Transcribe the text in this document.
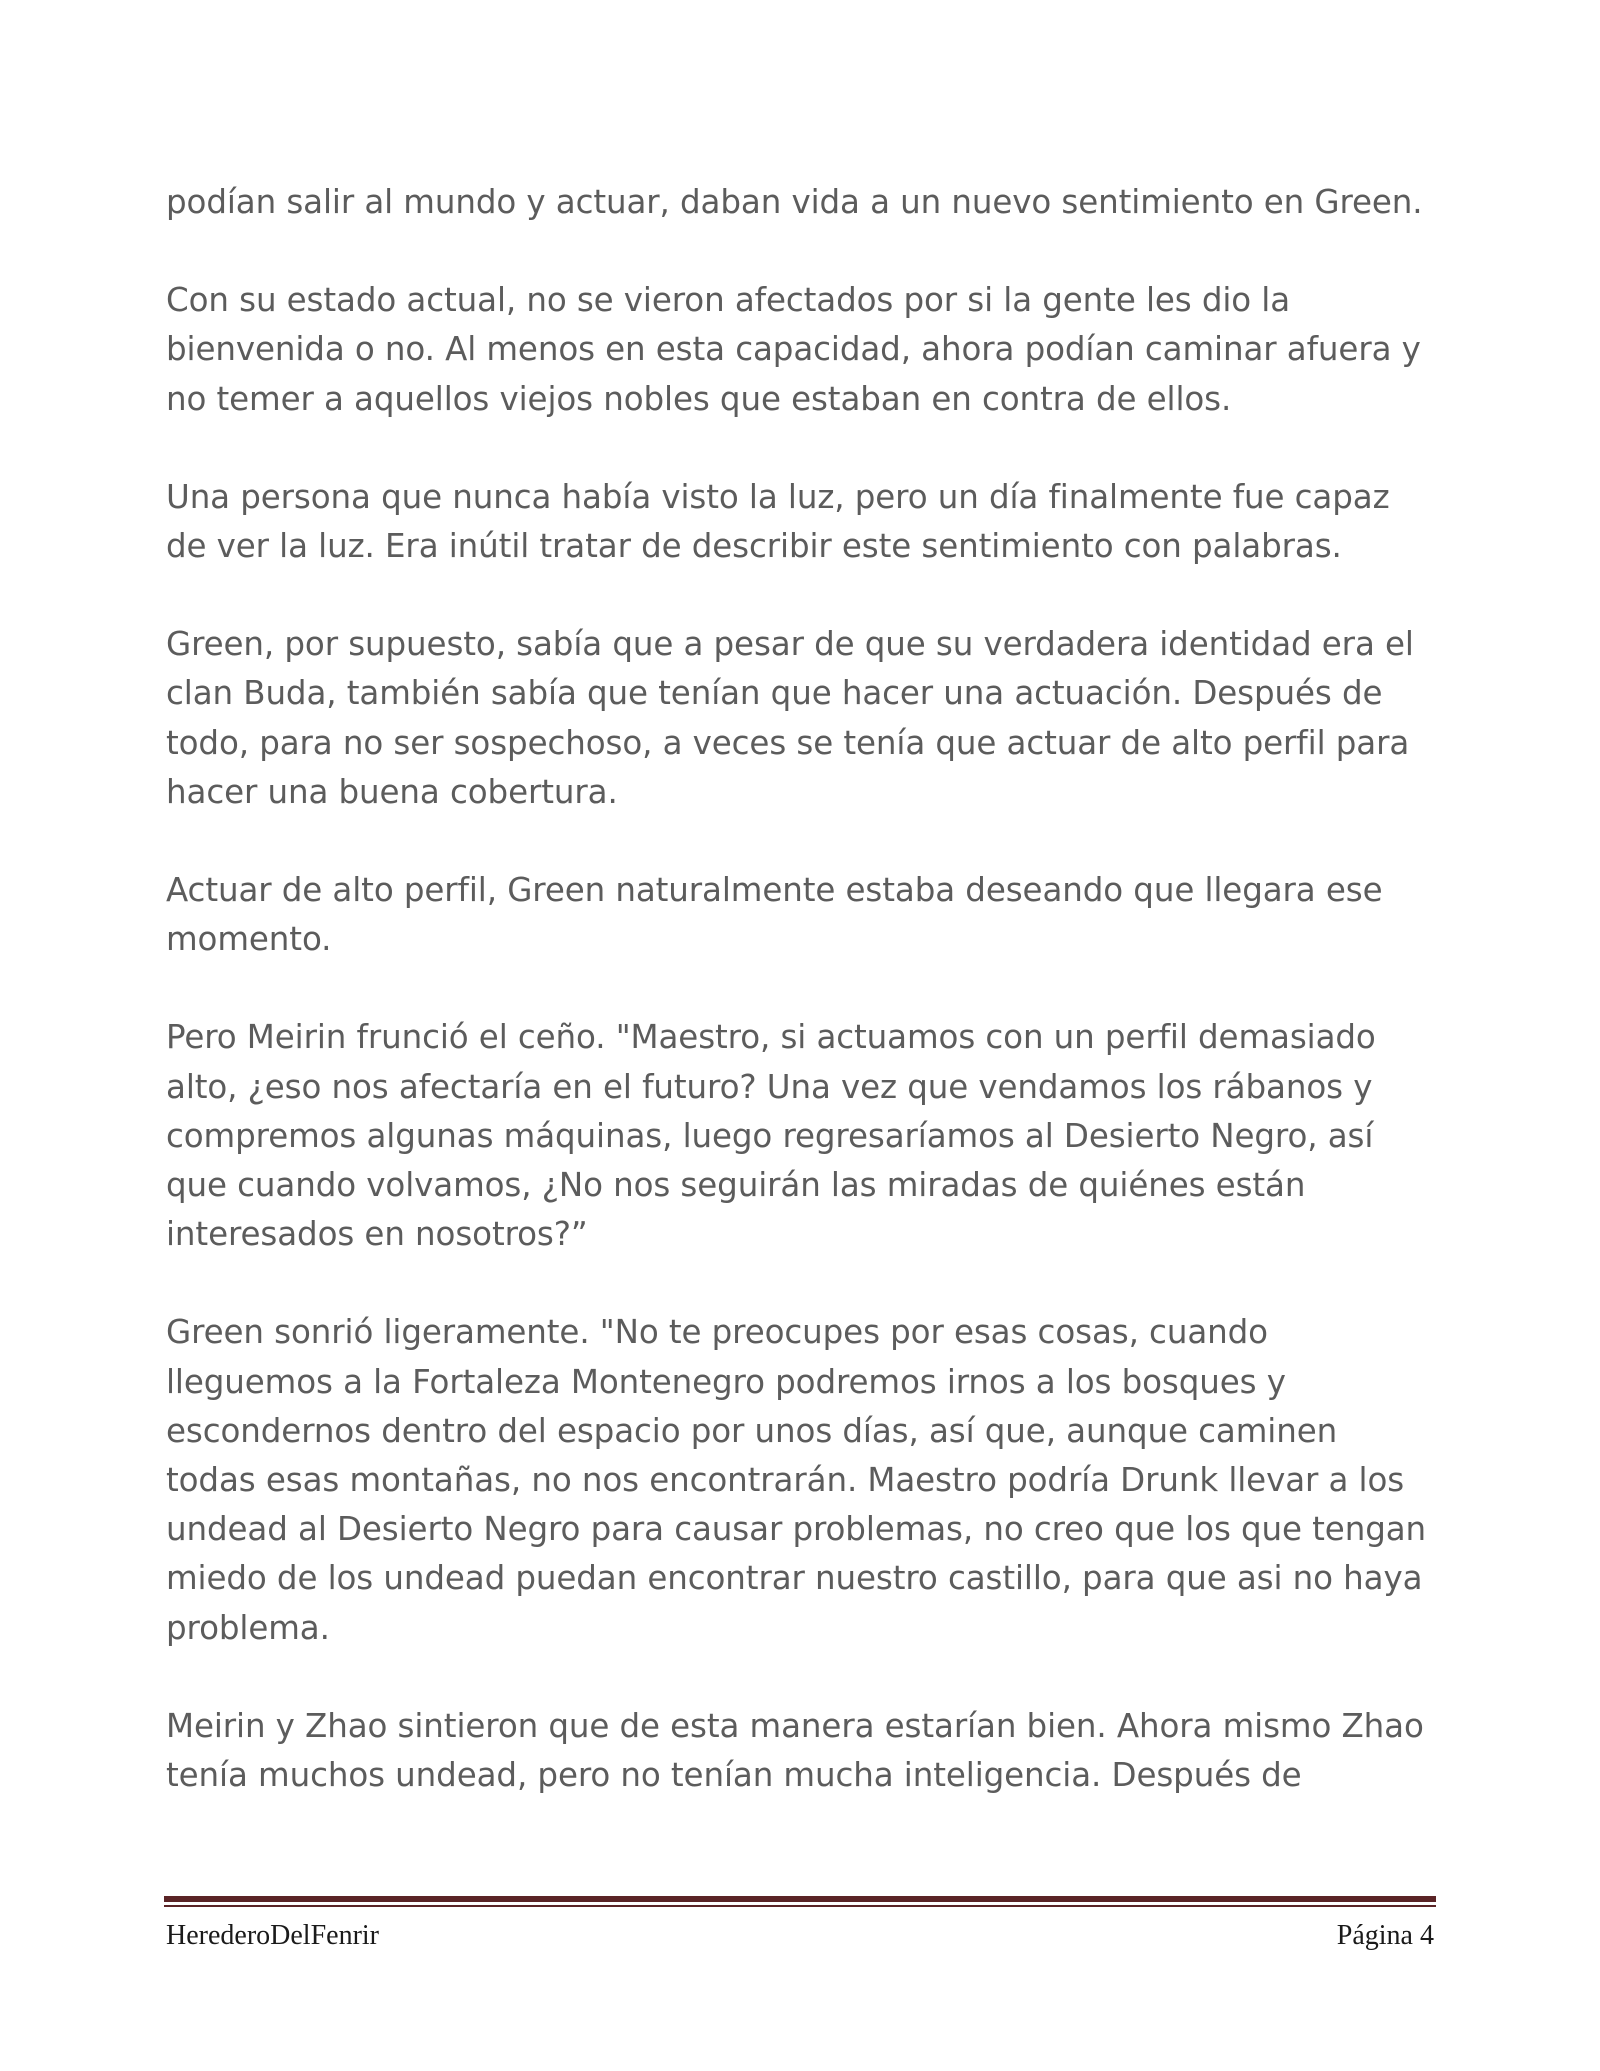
podían salir al mundo y actuar, daban vida a un nuevo sentimiento en Green.

Con su estado actual, no se vieron afectados por si la gente les dio la bienvenida o no. Al menos en esta capacidad, ahora podían caminar afuera y no temer a aquellos viejos nobles que estaban en contra de ellos.

Una persona que nunca había visto la luz, pero un día finalmente fue capaz de ver la luz. Era inútil tratar de describir este sentimiento con palabras.

Green, por supuesto, sabía que a pesar de que su verdadera identidad era el clan Buda, también sabía que tenían que hacer una actuación. Después de todo, para no ser sospechoso, a veces se tenía que actuar de alto perfil para hacer una buena cobertura.

Actuar de alto perfil, Green naturalmente estaba deseando que llegara ese momento.

Pero Meirin frunció el ceño. "Maestro, si actuamos con un perfil demasiado alto, ¿eso nos afectaría en el futuro? Una vez que vendamos los rábanos y compremos algunas máquinas, luego regresaríamos al Desierto Negro, así que cuando volvamos, ¿No nos seguirán las miradas de quiénes están interesados en nosotros?”

Green sonrió ligeramente. "No te preocupes por esas cosas, cuando lleguemos a la Fortaleza Montenegro podremos irnos a los bosques y escondernos dentro del espacio por unos días, así que, aunque caminen todas esas montañas, no nos encontrarán. Maestro podría Drunk llevar a los undead al Desierto Negro para causar problemas, no creo que los que tengan miedo de los undead puedan encontrar nuestro castillo, para que asi no haya problema.

Meirin y Zhao sintieron que de esta manera estarían bien. Ahora mismo Zhao tenía muchos undead, pero no tenían mucha inteligencia. Después de

HerederoDelFenrir	Página 4
